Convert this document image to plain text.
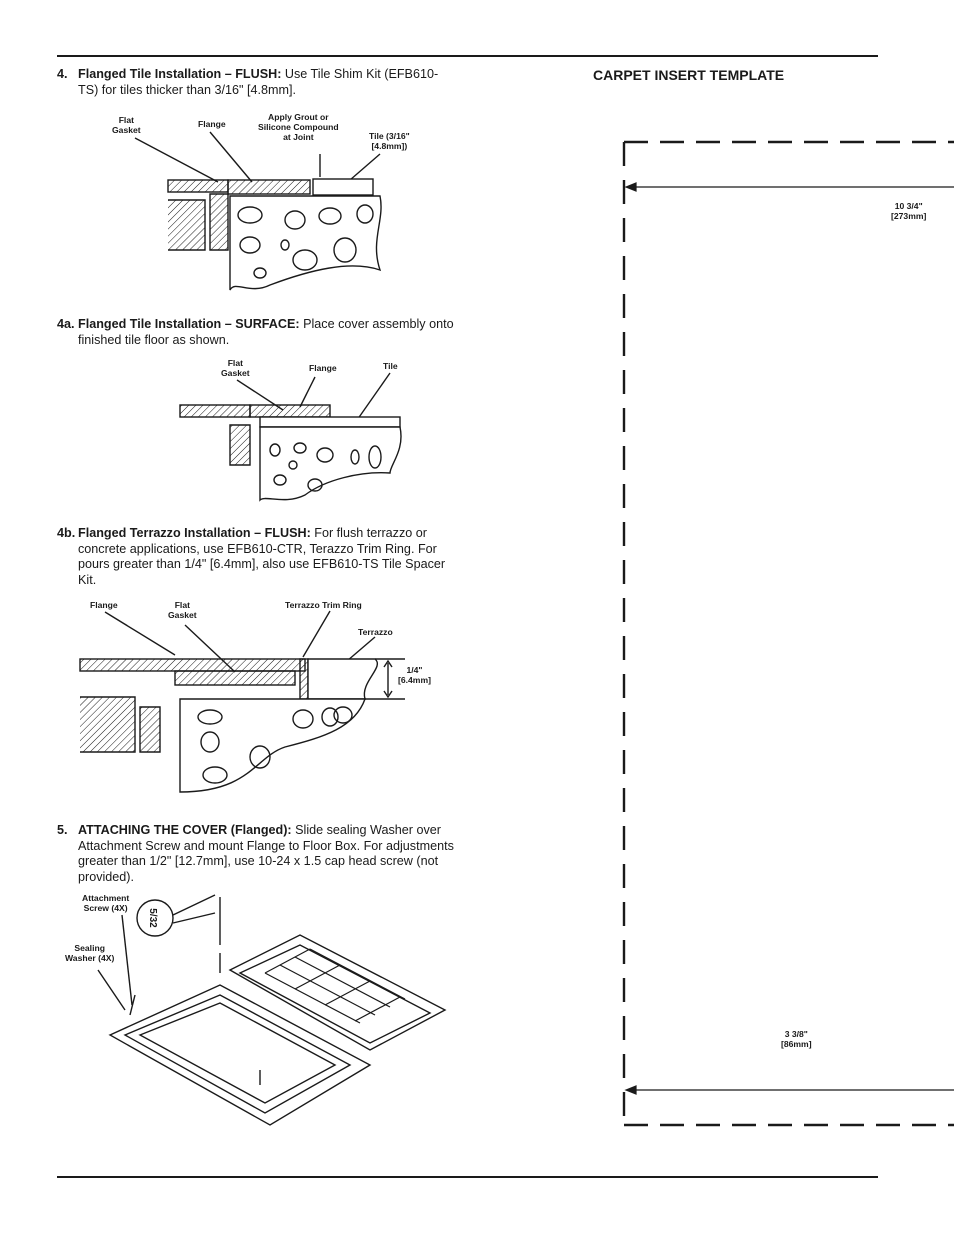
4. Flanged Tile Installation – FLUSH: Use Tile Shim Kit (EFB610-TS) for tiles thicker than 3/16" [4.8mm].
Flat
Gasket
Flange
Apply Grout or
Silicone Compound
at Joint	Tile (3/16"
[4.8mm])
4a. Flanged Tile Installation – SURFACE: Place cover assembly onto finished tile floor as shown.
Flat
Gasket	Flange	Tile
4b. Flanged Terrazzo Installation – FLUSH: For flush terrazzo or concrete applications, use EFB610-CTR, Terazzo Trim Ring. For pours greater than 1/4" [6.4mm], also use EFB610-TS Tile Spacer Kit.
Flange	Flat
Gasket
Terrazzo Trim Ring
Terrazzo
1/4"
[6.4mm]
5. ATTACHING THE COVER (Flanged): Slide sealing Washer over Attachment Screw and mount Flange to Floor Box. For adjustments greater than 1/2" [12.7mm], use 10-24 x 1.5 cap head screw (not provided).
Attachment
Screw (4X)
Sealing
Washer (4X)
5/32
CARPET INSERT TEMPLATE
10 3/4"
[273mm]
3 3/8"
[86mm]
